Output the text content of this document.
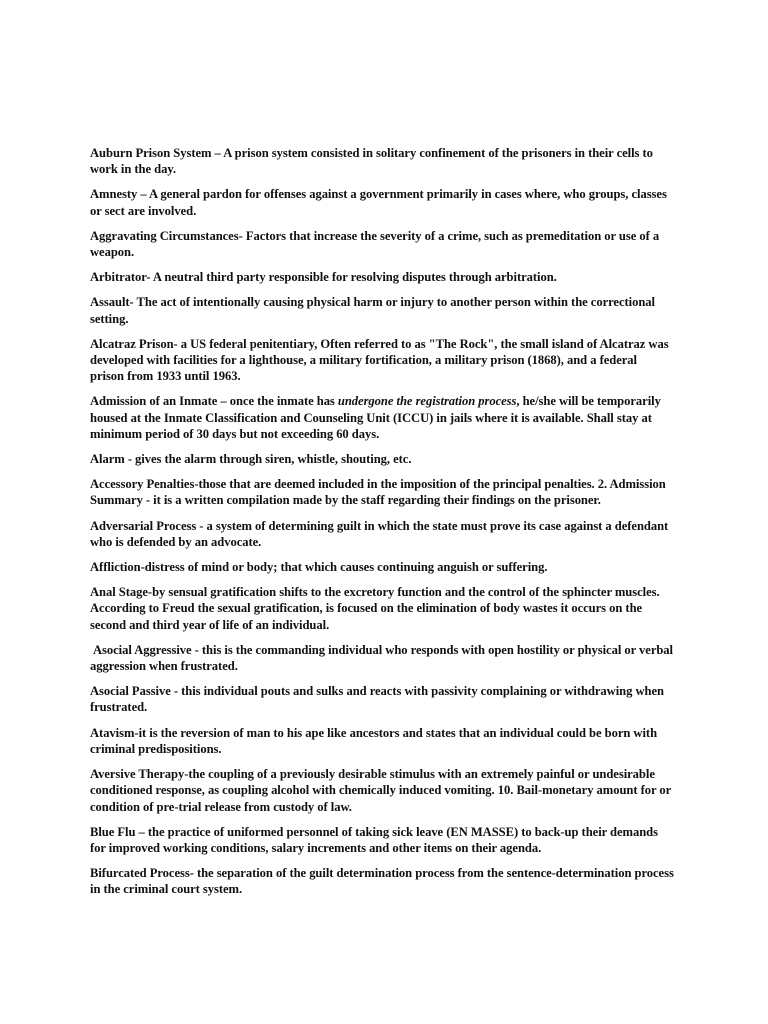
Auburn Prison System – A prison system consisted in solitary confinement of the prisoners in their cells to work in the day.

Amnesty – A general pardon for offenses against a government primarily in cases where, who groups, classes or sect are involved.

Aggravating Circumstances- Factors that increase the severity of a crime, such as premeditation or use of a weapon.

Arbitrator- A neutral third party responsible for resolving disputes through arbitration.

Assault- The act of intentionally causing physical harm or injury to another person within the correctional setting.

Alcatraz Prison- a US federal penitentiary, Often referred to as "The Rock", the small island of Alcatraz was developed with facilities for a lighthouse, a military fortification, a military prison (1868), and a federal prison from 1933 until 1963.

Admission of an Inmate – once the inmate has undergone the registration process, he/she will be temporarily housed at the Inmate Classification and Counseling Unit (ICCU) in jails where it is available. Shall stay at minimum period of 30 days but not exceeding 60 days.

Alarm - gives the alarm through siren, whistle, shouting, etc.

Accessory Penalties-those that are deemed included in the imposition of the principal penalties. 2. Admission Summary - it is a written compilation made by the staff regarding their findings on the prisoner.

Adversarial Process - a system of determining guilt in which the state must prove its case against a defendant who is defended by an advocate.

Affliction-distress of mind or body; that which causes continuing anguish or suffering.

Anal Stage-by sensual gratification shifts to the excretory function and the control of the sphincter muscles. According to Freud the sexual gratification, is focused on the elimination of body wastes it occurs on the second and third year of life of an individual.

Asocial Aggressive - this is the commanding individual who responds with open hostility or physical or verbal aggression when frustrated.

Asocial Passive - this individual pouts and sulks and reacts with passivity complaining or withdrawing when frustrated.

Atavism-it is the reversion of man to his ape like ancestors and states that an individual could be born with criminal predispositions.

Aversive Therapy-the coupling of a previously desirable stimulus with an extremely painful or undesirable conditioned response, as coupling alcohol with chemically induced vomiting. 10. Bail-monetary amount for or condition of pre-trial release from custody of law.

Blue Flu – the practice of uniformed personnel of taking sick leave (EN MASSE) to back-up their demands for improved working conditions, salary increments and other items on their agenda.

Bifurcated Process- the separation of the guilt determination process from the sentence-determination process in the criminal court system.
